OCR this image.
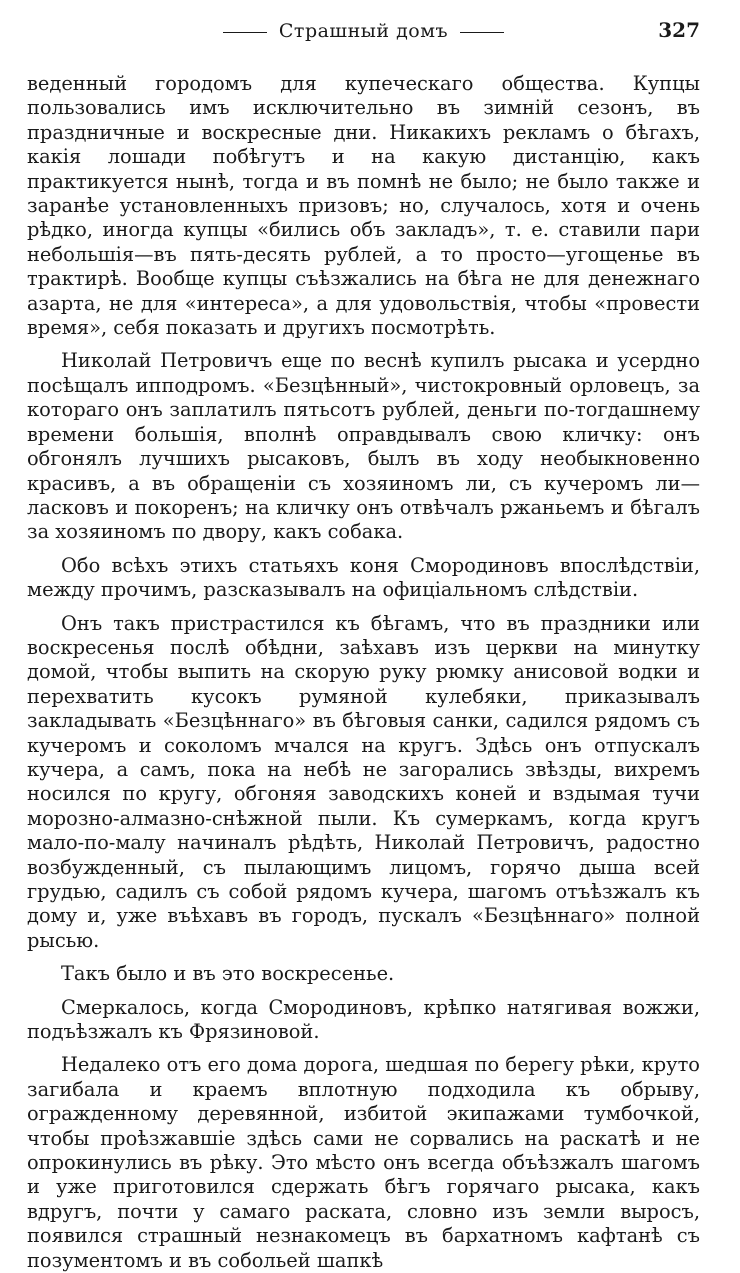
Страшный домъ	327

веденный городомъ для купеческаго общества. Купцы пользовались имъ исключительно въ зимній сезонъ, въ праздничные и воскресные дни. Никакихъ рекламъ о бѣгахъ, какія лошади побѣгутъ и на какую дистанцію, какъ практикуется нынѣ, тогда и въ помнѣ не было; не было также и заранѣе установленныхъ призовъ; но, случалось, хотя и очень рѣдко, иногда купцы «бились объ закладъ», т. е. ставили пари небольшія—въ пять-десять рублей, а то просто—угощенье въ трактирѣ. Вообще купцы съѣзжались на бѣга не для денежнаго азарта, не для «интереса», а для удовольствія, чтобы «провести время», себя показать и другихъ посмотрѣть.

Николай Петровичъ еще по веснѣ купилъ рысака и усердно посѣщалъ ипподромъ. «Безцѣнный», чистокровный орловецъ, за котораго онъ заплатилъ пятьсотъ рублей, деньги по-тогдашнему времени большія, вполнѣ оправдывалъ свою кличку: онъ обгонялъ лучшихъ рысаковъ, былъ въ ходу необыкновенно красивъ, а въ обращеніи съ хозяиномъ ли, съ кучеромъ ли—ласковъ и покоренъ; на кличку онъ отвѣчалъ ржаньемъ и бѣгалъ за хозяиномъ по двору, какъ собака.

Обо всѣхъ этихъ статьяхъ коня Смородиновъ впослѣдствіи, между прочимъ, разсказывалъ на офиціальномъ слѣдствіи.

Онъ такъ пристрастился къ бѣгамъ, что въ праздники или воскресенья послѣ обѣдни, заѣхавъ изъ церкви на минутку домой, чтобы выпить на скорую руку рюмку анисовой водки и перехватить кусокъ румяной кулебяки, приказывалъ закладывать «Безцѣннаго» въ бѣговыя санки, садился рядомъ съ кучеромъ и соколомъ мчался на кругъ. Здѣсь онъ отпускалъ кучера, а самъ, пока на небѣ не загорались звѣзды, вихремъ носился по кругу, обгоняя заводскихъ коней и вздымая тучи морозно-алмазно-снѣжной пыли. Къ сумеркамъ, когда кругъ мало-по-малу начиналъ рѣдѣть, Николай Петровичъ, радостно возбужденный, съ пылающимъ лицомъ, горячо дыша всей грудью, садилъ съ собой рядомъ кучера, шагомъ отъѣзжалъ къ дому и, уже въѣхавъ въ городъ, пускалъ «Безцѣннаго» полной рысью.

Такъ было и въ это воскресенье.

Смеркалось, когда Смородиновъ, крѣпко натягивая вожжи, подъѣзжалъ къ Фрязиновой.

Недалеко отъ его дома дорога, шедшая по берегу рѣки, круто загибала и краемъ вплотную подходила къ обрыву, огражденному деревянной, избитой экипажами тумбочкой, чтобы проѣзжавшіе здѣсь сами не сорвались на раскатѣ и не опрокинулись въ рѣку. Это мѣсто онъ всегда объѣзжалъ шагомъ и уже приготовился сдержать бѣгъ горячаго рысака, какъ вдругъ, почти у самаго раската, словно изъ земли выросъ, появился страшный незнакомецъ въ бархатномъ кафтанѣ съ позументомъ и въ собольей шапкѣ
